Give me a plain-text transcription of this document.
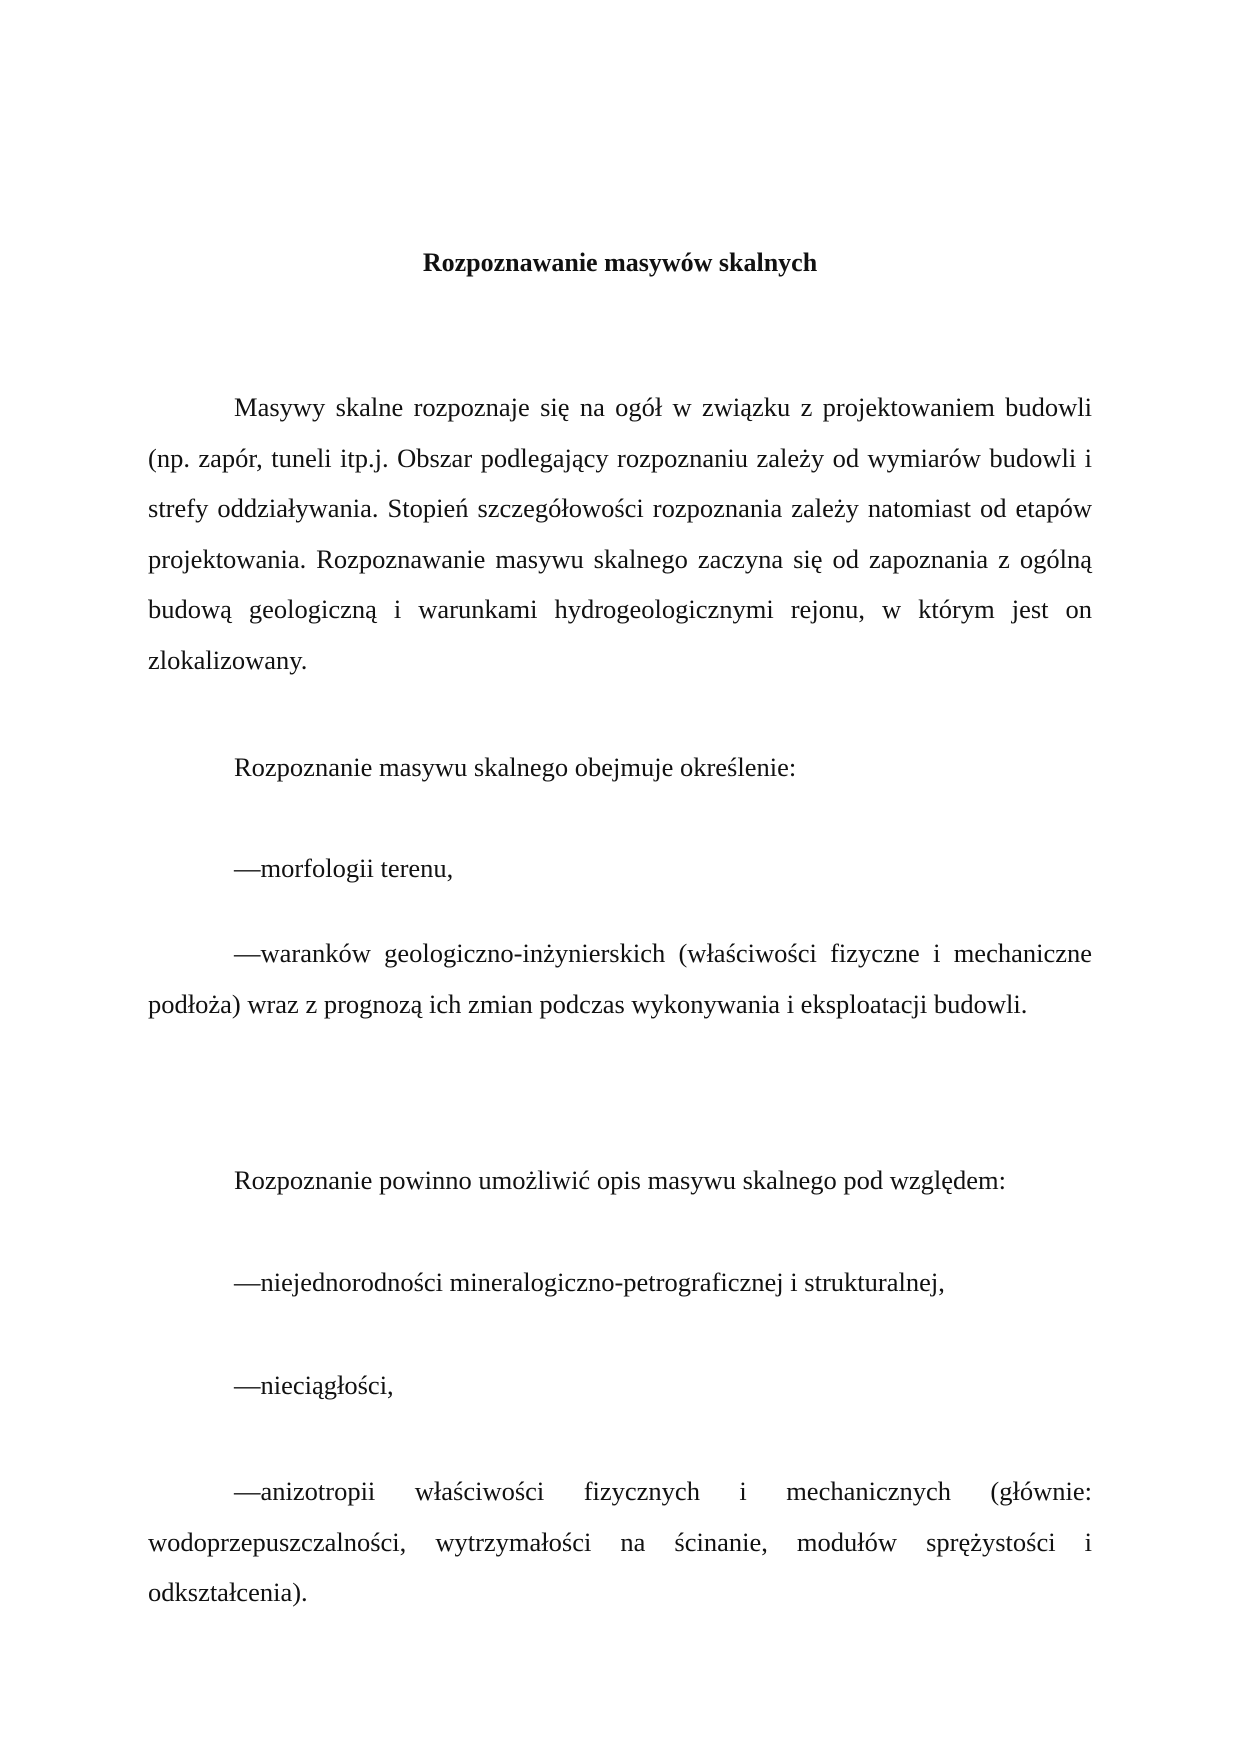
Rozpoznawanie masywów skalnych

Masywy skalne rozpoznaje się na ogół w związku z projektowaniem budowli (np. zapór, tuneli itp.j. Obszar podlegający rozpoznaniu zależy od wymiarów budowli i strefy oddziaływania. Stopień szczegółowości rozpoznania zależy natomiast od etapów projektowania. Rozpoznawanie masywu skalnego zaczyna się od zapoznania z ogólną budową geologiczną i warunkami hydrogeologicznymi rejonu, w którym jest on zlokalizowany.

Rozpoznanie masywu skalnego obejmuje określenie:

—morfologii terenu,

—waranków geologiczno-inżynierskich (właściwości fizyczne i mechaniczne podłoża) wraz z prognozą ich zmian podczas wykonywania i eksploatacji budowli.

Rozpoznanie powinno umożliwić opis masywu skalnego pod względem:

—niejednorodności mineralogiczno-petrograficznej i strukturalnej,

—nieciągłości,

—anizotropii właściwości fizycznych i mechanicznych (głównie: wodoprzepuszczalności, wytrzymałości na ścinanie, modułów sprężystości i odkształcenia).
